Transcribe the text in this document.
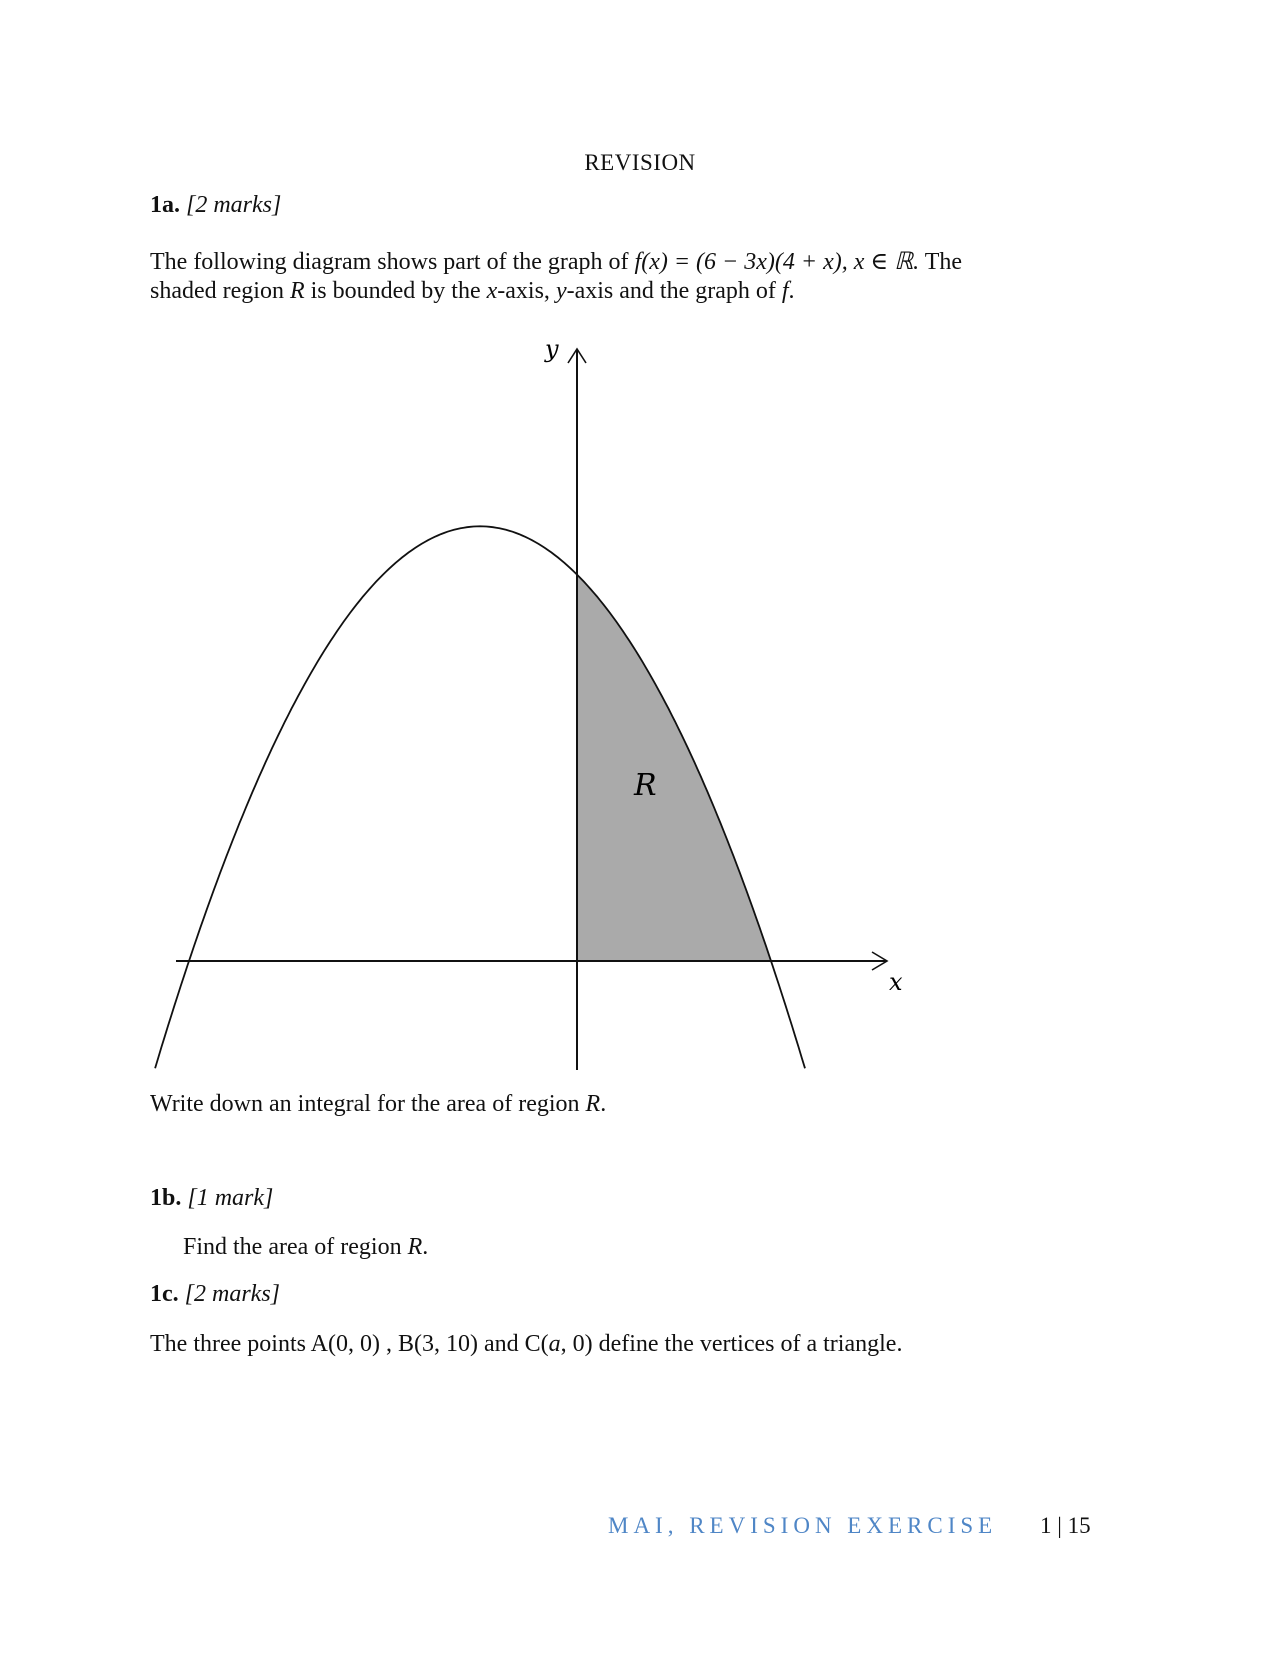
REVISION
1a. [2 marks]
The following diagram shows part of the graph of f(x) = (6 − 3x)(4 + x), x ∈ ℝ. The
shaded region R is bounded by the x-axis, y-axis and the graph of f.
x
y
R
Write down an integral for the area of region R.
1b. [1 mark]
Find the area of region R.
1c. [2 marks]
The three points A(0, 0) , B(3, 10) and C(a, 0) define the vertices of a triangle.
MAI, REVISION EXERCISE 1 | 15
